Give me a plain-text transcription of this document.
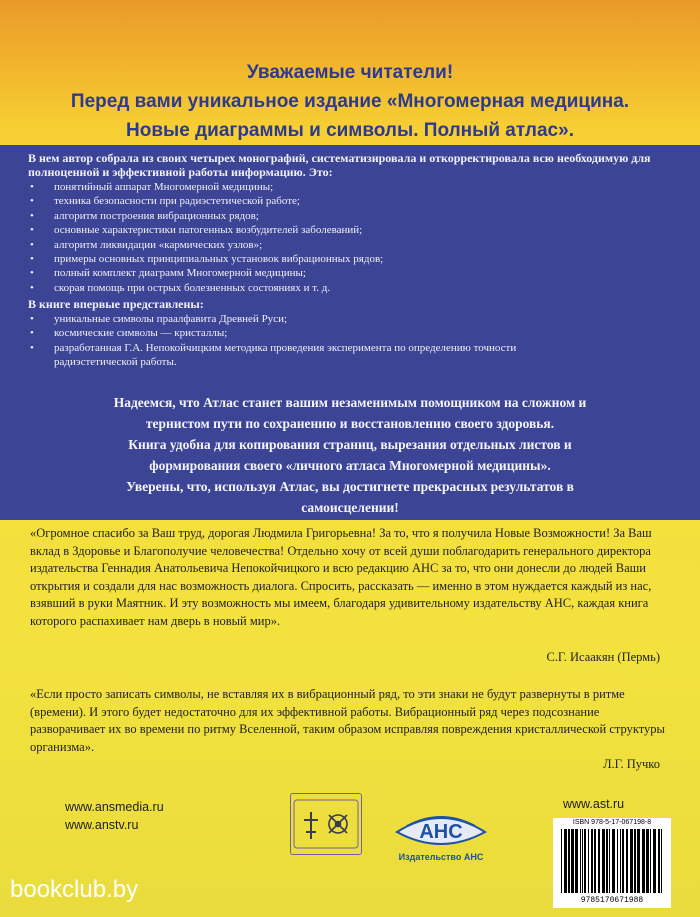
Уважаемые читатели!
Перед вами уникальное издание «Многомерная медицина.
Новые диаграммы и символы. Полный атлас».
В нем автор собрала из своих четырех монографий, систематизировала и откорректировала всю необходимую для полноценной и эффективной работы информацию. Это:
• понятийный аппарат Многомерной медицины;
• техника безопасности при радиэстетической работе;
• алгоритм построения вибрационных рядов;
• основные характеристики патогенных возбудителей заболеваний;
• алгоритм ликвидации «кармических узлов»;
• примеры основных принципиальных установок вибрационных рядов;
• полный комплект диаграмм Многомерной медицины;
• скорая помощь при острых болезненных состояниях и т. д.
В книге впервые представлены:
• уникальные символы праалфавита Древней Руси;
• космические символы — кристаллы;
• разработанная Г.А. Непокойчицким методика проведения эксперимента по определению точности радиэстетической работы.
Надеемся, что Атлас станет вашим незаменимым помощником на сложном и
тернистом пути по сохранению и восстановлению своего здоровья.
Книга удобна для копирования страниц, вырезания отдельных листов и
формирования своего «личного атласа Многомерной медицины».
Уверены, что, используя Атлас, вы достигнете прекрасных результатов в
самоисцелении!
«Огромное спасибо за Ваш труд, дорогая Людмила Григорьевна! За то, что я получила Новые Возможности! За Ваш вклад в Здоровье и Благополучие человечества! Отдельно хочу от всей души поблагодарить генерального директора издательства Геннадия Анатольевича Непокойчицкого и всю редакцию АНС за то, что они донесли до людей Ваши открытия и создали для нас возможность диалога. Спросить, рассказать — именно в этом нуждается каждый из нас, взявший в руки Маятник. И эту возможность мы имеем, благодаря удивительному издательству АНС, каждая книга которого распахивает нам дверь в новый мир».
С.Г. Исаакян (Пермь)
«Если просто записать символы, не вставляя их в вибрационный ряд, то эти знаки не будут развернуты в ритме (времени). И этого будет недостаточно для их эффективной работы. Вибрационный ряд через подсознание разворачивает их во времени по ритму Вселенной, таким образом исправляя повреждения кристаллической структуры организма».
Л.Г. Пучко
www.ansmedia.ru
www.anstv.ru
www.ast.ru
АНС
Издательство АНС
ISBN 978-5-17-067198-8
9785170671988
bookclub.by
